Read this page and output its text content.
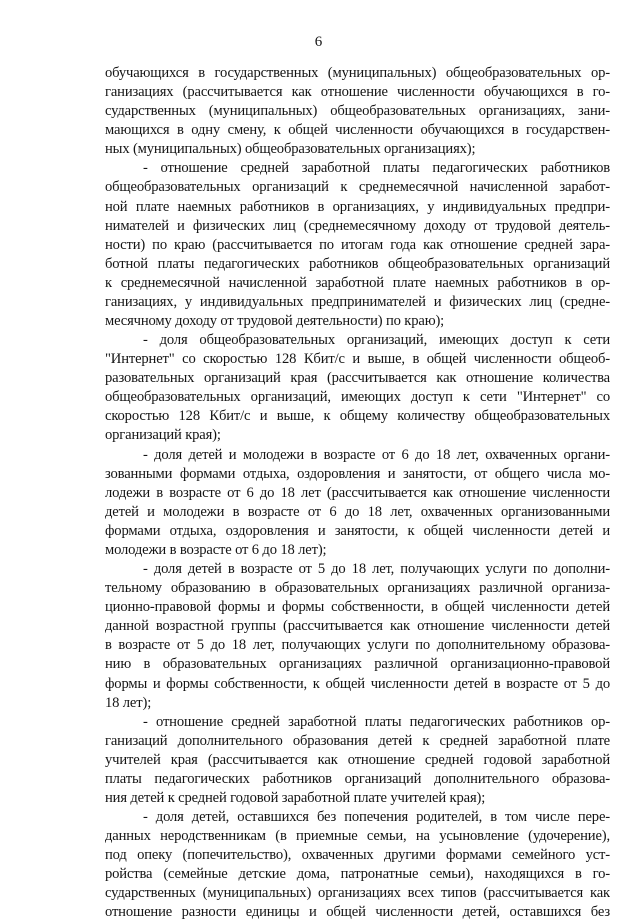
6
обучающихся в государственных (муниципальных) общеобразовательных ор-
ганизациях (рассчитывается как отношение численности обучающихся в го-
сударственных (муниципальных) общеобразовательных организациях, зани-
мающихся в одну смену, к общей численности обучающихся в государствен-
ных (муниципальных) общеобразовательных организациях);
- отношение средней заработной платы педагогических работников
общеобразовательных организаций к среднемесячной начисленной заработ-
ной плате наемных работников в организациях, у индивидуальных предпри-
нимателей и физических лиц (среднемесячному доходу от трудовой деятель-
ности) по краю (рассчитывается по итогам года как отношение средней зара-
ботной платы педагогических работников общеобразовательных организаций
к среднемесячной начисленной заработной плате наемных работников в ор-
ганизациях, у индивидуальных предпринимателей и физических лиц (средне-
месячному доходу от трудовой деятельности) по краю);
- доля общеобразовательных организаций, имеющих доступ к сети
"Интернет" со скоростью 128 Кбит/с и выше, в общей численности общеоб-
разовательных организаций края (рассчитывается как отношение количества
общеобразовательных организаций, имеющих доступ к сети "Интернет" со
скоростью 128 Кбит/с и выше, к общему количеству общеобразовательных
организаций края);
- доля детей и молодежи в возрасте от 6 до 18 лет, охваченных органи-
зованными формами отдыха, оздоровления и занятости, от общего числа мо-
лодежи в возрасте от 6 до 18 лет (рассчитывается как отношение численности
детей и молодежи в возрасте от 6 до 18 лет, охваченных организованными
формами отдыха, оздоровления и занятости, к общей численности детей и
молодежи в возрасте от 6 до 18 лет);
- доля детей в возрасте от 5 до 18 лет, получающих услуги по дополни-
тельному образованию в образовательных организациях различной организа-
ционно-правовой формы и формы собственности, в общей численности детей
данной возрастной группы (рассчитывается как отношение численности детей
в возрасте от 5 до 18 лет, получающих услуги по дополнительному образова-
нию в образовательных организациях различной организационно-правовой
формы и формы собственности, к общей численности детей в возрасте от 5 до
18 лет);
- отношение средней заработной платы педагогических работников ор-
ганизаций дополнительного образования детей к средней заработной плате
учителей края (рассчитывается как отношение средней годовой заработной
платы педагогических работников организаций дополнительного образова-
ния детей к средней годовой заработной плате учителей края);
- доля детей, оставшихся без попечения родителей, в том числе пере-
данных неродственникам (в приемные семьи, на усыновление (удочерение),
под опеку (попечительство), охваченных другими формами семейного уст-
ройства (семейные детские дома, патронатные семьи), находящихся в го-
сударственных (муниципальных) организациях всех типов (рассчитывается как
отношение разности единицы и общей численности детей, оставшихся без
